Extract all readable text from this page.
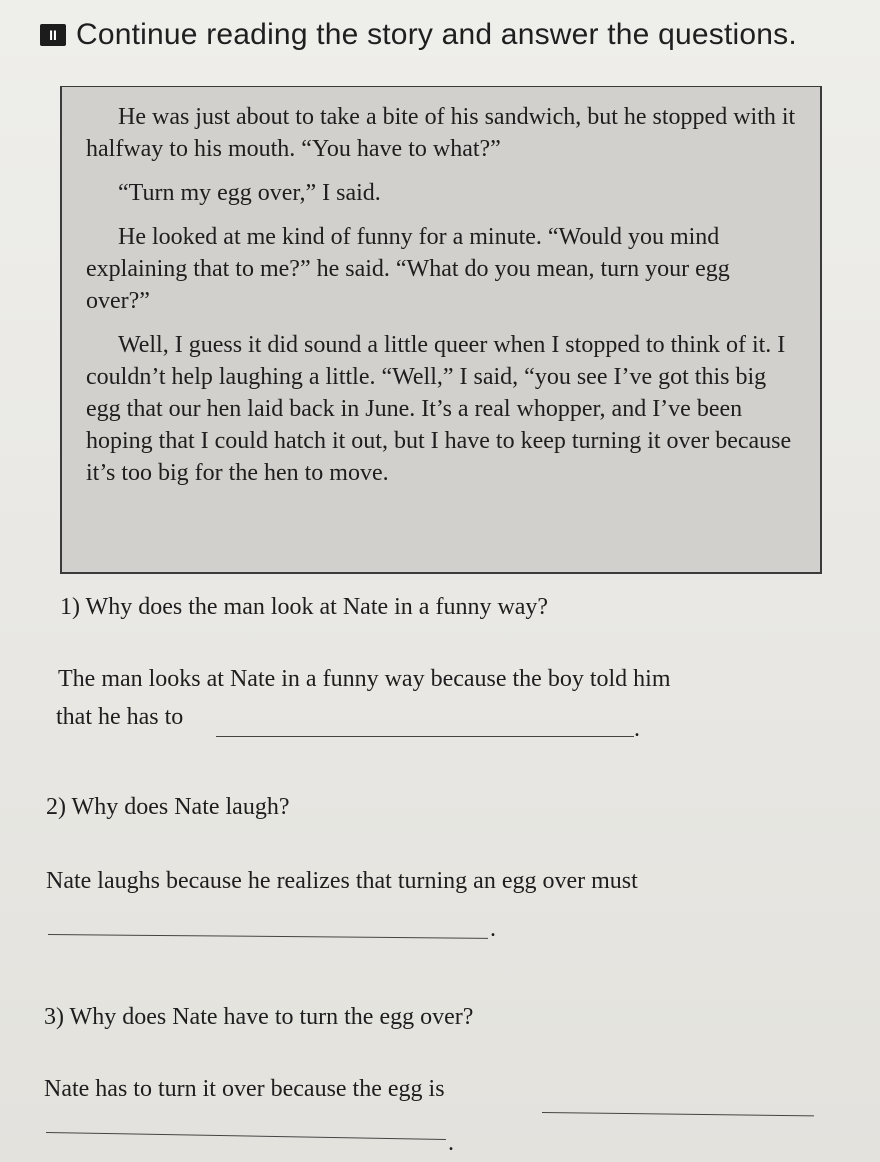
II Continue reading the story and answer the questions.

He was just about to take a bite of his sandwich, but he stopped with it halfway to his mouth. “You have to what?”

“Turn my egg over,” I said.

He looked at me kind of funny for a minute. “Would you mind explaining that to me?” he said. “What do you mean, turn your egg over?”

Well, I guess it did sound a little queer when I stopped to think of it. I couldn’t help laughing a little. “Well,” I said, “you see I’ve got this big egg that our hen laid back in June. It’s a real whopper, and I’ve been hoping that I could hatch it out, but I have to keep turning it over because it’s too big for the hen to move.

1) Why does the man look at Nate in a funny way?
The man looks at Nate in a funny way because the boy told him
that he has to	.
2) Why does Nate laugh?
Nate laughs because he realizes that turning an egg over must
.
3) Why does Nate have to turn the egg over?
Nate has to turn it over because the egg is
.
